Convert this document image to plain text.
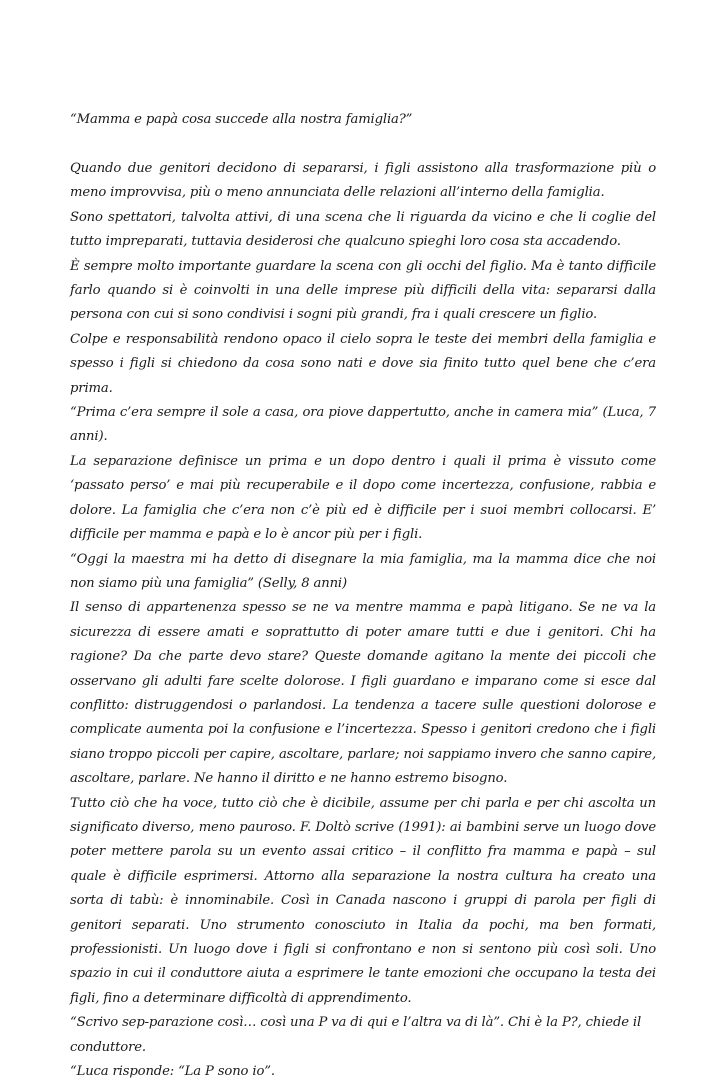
“Mamma e papà cosa succede alla nostra famiglia?”

Quando due genitori decidono di separarsi, i figli assistono alla trasformazione più o meno improvvisa, più o meno annunciata delle relazioni all’interno della famiglia.

Sono spettatori, talvolta attivi, di una scena che li riguarda da vicino e che li coglie del tutto impreparati, tuttavia desiderosi che qualcuno spieghi loro cosa sta accadendo.

È sempre molto importante guardare la scena con gli occhi del figlio. Ma è tanto difficile farlo quando si è coinvolti in una delle imprese più difficili della vita: separarsi dalla persona con cui si sono condivisi i sogni più grandi, fra i quali crescere un figlio.

Colpe e responsabilità rendono opaco il cielo sopra le teste dei membri della famiglia e spesso i figli si chiedono da cosa sono nati e dove sia finito tutto quel bene che c’era prima.

“Prima c’era sempre il sole a casa, ora piove dappertutto, anche in camera mia” (Luca, 7 anni).

La separazione definisce un prima e un dopo dentro i quali il prima è vissuto come ‘passato perso’ e mai più recuperabile e il dopo come incertezza, confusione, rabbia e dolore. La famiglia che c’era non c’è più ed è difficile per i suoi membri collocarsi. E’ difficile per mamma e papà e lo è ancor più per i figli.

“Oggi la maestra mi ha detto di disegnare la mia famiglia, ma la mamma dice che noi non siamo più una famiglia” (Selly, 8 anni)

Il senso di appartenenza spesso se ne va mentre mamma e papà litigano. Se ne va la sicurezza di essere amati e soprattutto di poter amare tutti e due i genitori. Chi ha ragione? Da che parte devo stare? Queste domande agitano la mente dei piccoli che osservano gli adulti fare scelte dolorose. I figli guardano e imparano come si esce dal conflitto: distruggendosi o parlandosi. La tendenza a tacere sulle questioni dolorose e complicate aumenta poi la confusione e l’incertezza. Spesso i genitori credono che i figli siano troppo piccoli per capire, ascoltare, parlare; noi sappiamo invero che sanno capire, ascoltare, parlare. Ne hanno il diritto e ne hanno estremo bisogno.

Tutto ciò che ha voce, tutto ciò che è dicibile, assume per chi parla e per chi ascolta un significato diverso, meno pauroso. F. Doltò scrive (1991): ai bambini serve un luogo dove poter mettere parola su un evento assai critico – il conflitto fra mamma e papà – sul quale è difficile esprimersi. Attorno alla separazione la nostra cultura ha creato una sorta di tabù: è innominabile. Così in Canada nascono i gruppi di parola per figli di genitori separati. Uno strumento conosciuto in Italia da pochi, ma ben formati, professionisti. Un luogo dove i figli si confrontano e non si sentono più così soli. Uno spazio in cui il conduttore aiuta a esprimere le tante emozioni che occupano la testa dei figli, fino a determinare difficoltà di apprendimento.

“Scrivo sep-parazione così… così una P va di qui e l’altra va di là”. Chi è la P?, chiede il conduttore.

“Luca risponde: “La P sono io”.
